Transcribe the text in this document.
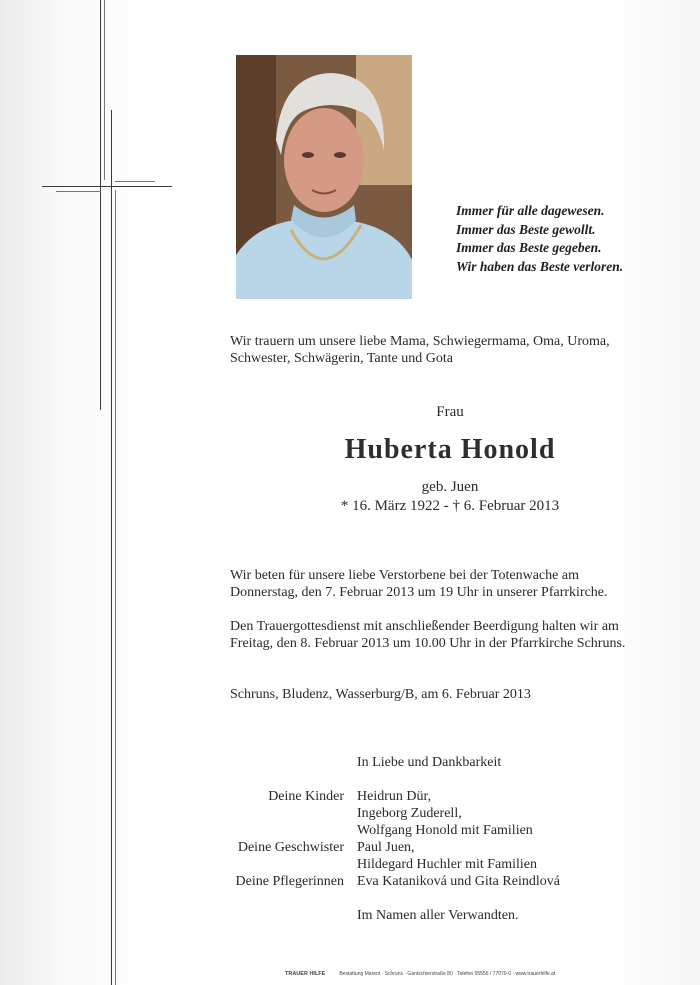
Immer für alle dagewesen.
Immer das Beste gewollt.
Immer das Beste gegeben.
Wir haben das Beste verloren.
Wir trauern um unsere liebe Mama, Schwiegermama, Oma, Uroma,
Schwester, Schwägerin, Tante und Gota
Frau
Huberta Honold
geb. Juen
* 16. März 1922 - † 6. Februar 2013
Wir beten für unsere liebe Verstorbene bei der Totenwache am
Donnerstag, den 7. Februar 2013 um 19 Uhr in unserer Pfarrkirche.
Den Trauergottesdienst mit anschließender Beerdigung halten wir am
Freitag, den 8. Februar 2013 um 10.00 Uhr in der Pfarrkirche Schruns.
Schruns, Bludenz, Wasserburg/B, am 6. Februar 2013
In Liebe und Dankbarkeit
Deine Kinder Heidrun Dür,
Ingeborg Zuderell,
Wolfgang Honold mit Familien
Deine Geschwister Paul Juen,
Hildegard Huchler mit Familien
Deine Pflegerinnen Eva Kataniková und Gita Reindlová
Im Namen aller Verwandten.
TRAUER HILFE	Bestattung Marent · Schruns · Gantschierstraße 80 · Telefon 05556 / 77070-0 · www.trauerhilfe.at
